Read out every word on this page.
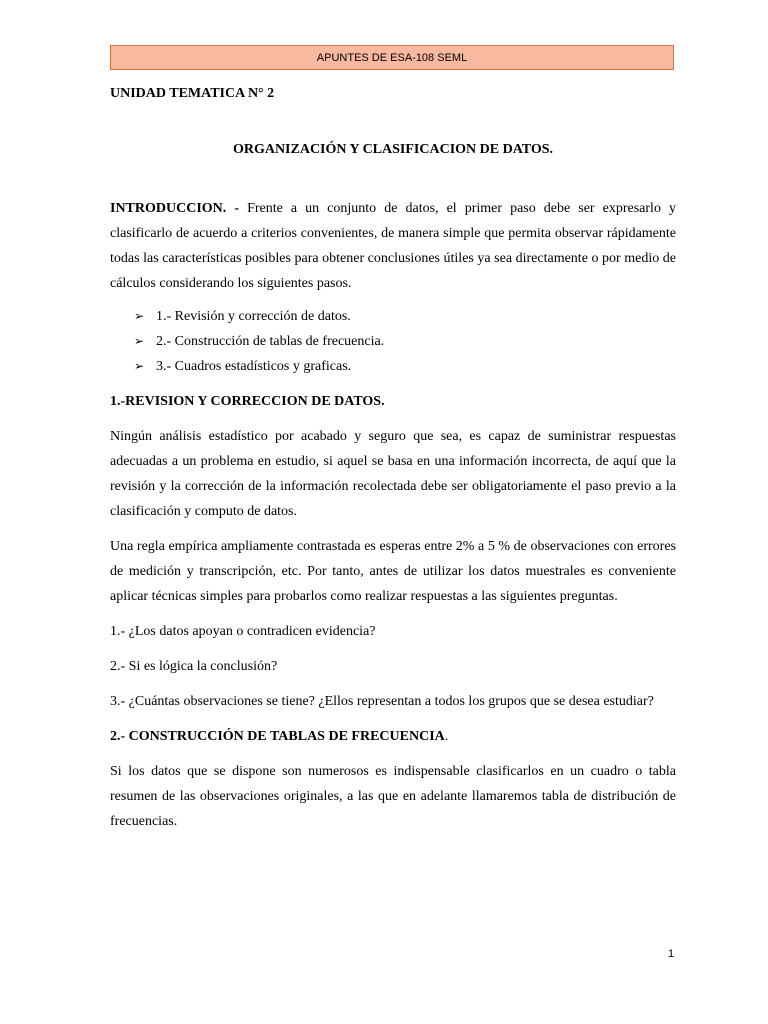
APUNTES DE ESA-108 SEML

UNIDAD TEMATICA N° 2

ORGANIZACIÓN Y CLASIFICACION DE DATOS.

INTRODUCCION. - Frente a un conjunto de datos, el primer paso debe ser expresarlo y clasificarlo de acuerdo a criterios convenientes, de manera simple que permita observar rápidamente todas las características posibles para obtener conclusiones útiles ya sea directamente o por medio de cálculos considerando los siguientes pasos.

➢ 1.- Revisión y corrección de datos.
➢ 2.- Construcción de tablas de frecuencia.
➢ 3.- Cuadros estadísticos y graficas.

1.-REVISION Y CORRECCION DE DATOS.

Ningún análisis estadístico por acabado y seguro que sea, es capaz de suministrar respuestas adecuadas a un problema en estudio, si aquel se basa en una información incorrecta, de aquí que la revisión y la corrección de la información recolectada debe ser obligatoriamente el paso previo a la clasificación y computo de datos.

Una regla empírica ampliamente contrastada es esperas entre 2% a 5 % de observaciones con errores de medición y transcripción, etc. Por tanto, antes de utilizar los datos muestrales es conveniente aplicar técnicas simples para probarlos como realizar respuestas a las siguientes preguntas.

1.- ¿Los datos apoyan o contradicen evidencia?

2.- Si es lógica la conclusión?

3.- ¿Cuántas observaciones se tiene? ¿Ellos representan a todos los grupos que se desea estudiar?

2.- CONSTRUCCIÓN DE TABLAS DE FRECUENCIA.

Si los datos que se dispone son numerosos es indispensable clasificarlos en un cuadro o tabla resumen de las observaciones originales, a las que en adelante llamaremos tabla de distribución de frecuencias.

1
